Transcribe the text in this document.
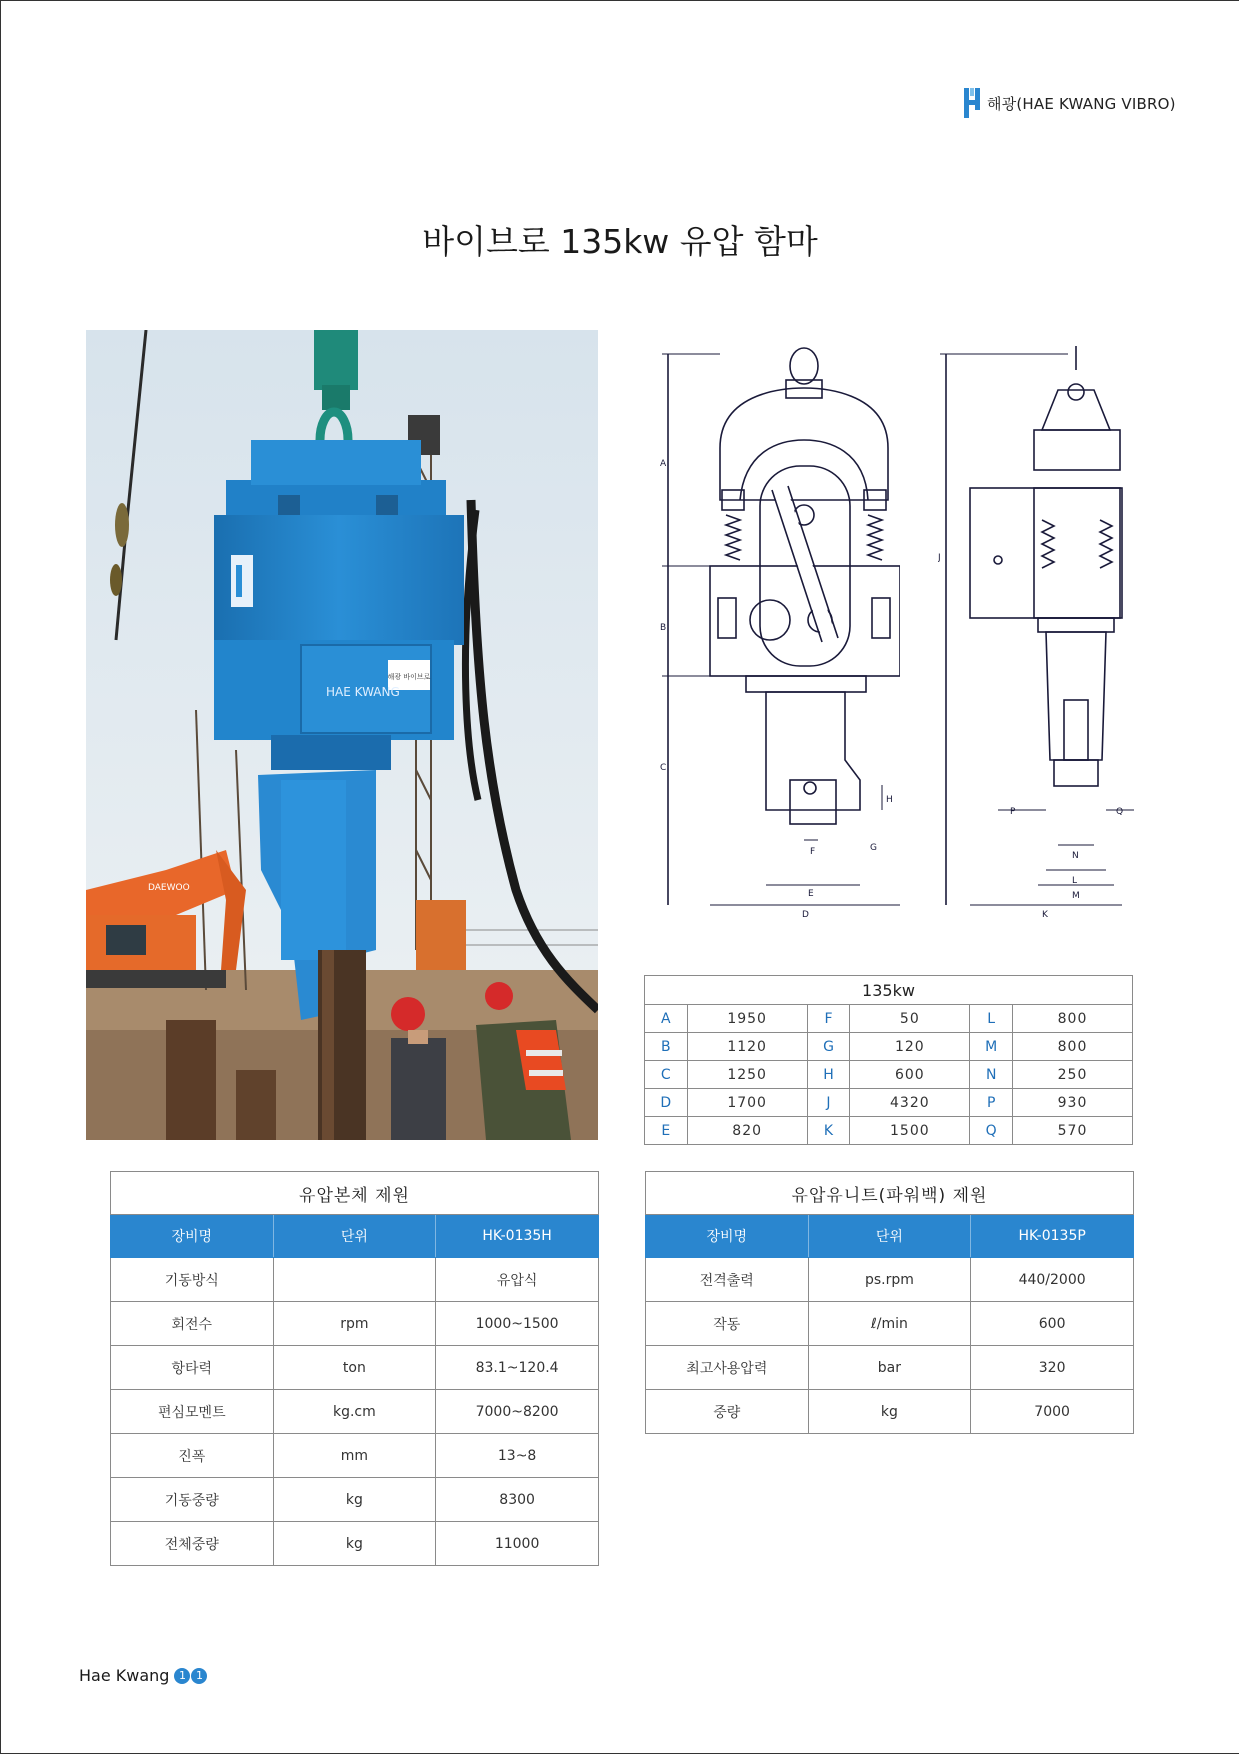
해광(HAE KWANG VIBRO)
바이브로 135kw 유압 함마
DAEWOO
해광 바이브로
HAE KWANG
A
B
C
D
E
F	G
H
J
K
L
M
N
P	Q
135kw					
A	1950	F	50	L	800
B	1120	G	120	M	800
C	1250	H	600	N	250
D	1700	J	4320	P	930
E	820	K	1500	Q	570
유압본체 제원		
장비명	단위	HK-0135H
기동방식		유압식
회전수	rpm	1000~1500
항타력	ton	83.1~120.4
편심모멘트	kg.cm	7000~8200
진폭	mm	13~8
기동중량	kg	8300
전체중량	kg	11000
유압유니트(파워백) 제원		
장비명	단위	HK-0135P
전격출력	ps.rpm	440/2000
작동	ℓ/min	600
최고사용압력	bar	320
중량	kg	7000
Hae Kwang 1 1
